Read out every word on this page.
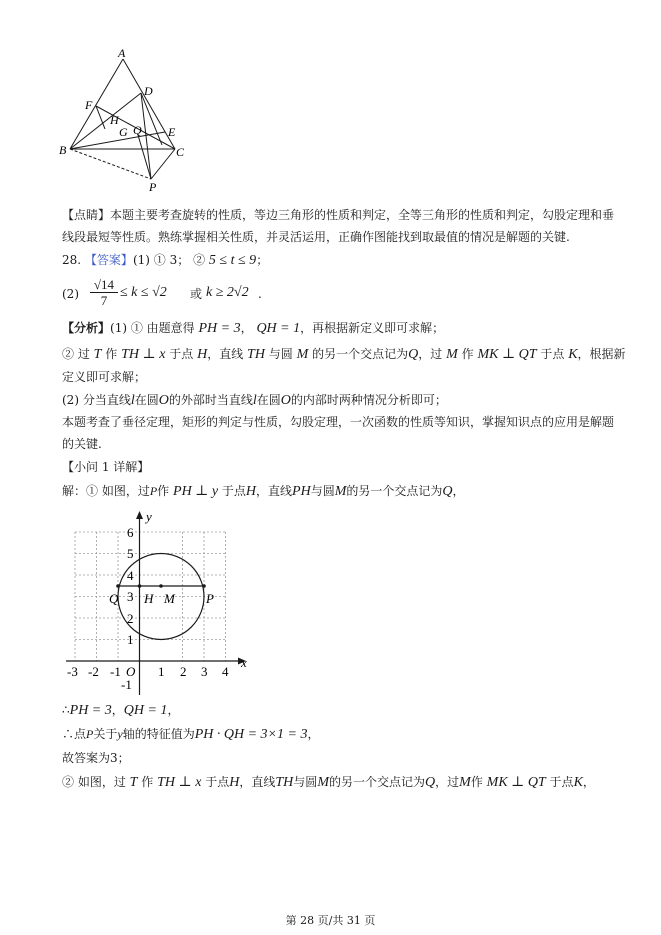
A
D
F
H
G Q E
B	C
P
【点睛】本题主要考查旋转的性质，等边三角形的性质和判定，全等三角形的性质和判定，勾股定理和垂
线段最短等性质。熟练掌握相关性质，并灵活运用，正确作图能找到取最值的情况是解题的关键.
28. 【答案】(1) ① 3； ② 5 ≤ t ≤ 9；
$(2) \frac{√14}{7} \le k \le √2$ 或 k ≥ 2√2 .
【分析】(1) ① 由题意得 PH = 3， QH = 1，再根据新定义即可求解；
② 过 T 作 TH ⊥ x 于点 H，直线 TH 与圆 M 的另一个交点记为Q，过 M 作 MK ⊥ QT 于点 K，根据新
定义即可求解；
(2) 分当直线l在圆O的外部时当直线l在圆O的内部时两种情况分析即可；
本题考查了垂径定理，矩形的判定与性质，勾股定理，一次函数的性质等知识，掌握知识点的应用是解题
的关键.
【小问 1 详解】
解：① 如图，过P作 PH ⊥ y 于点H，直线PH与圆M的另一个交点记为Q，
x
y
O
-3 -2 -1	1 2 3 4
6
5
4
3
2
1
-1
Q H M P
∴PH = 3，QH = 1，
∴点P关于y轴的特征值为PH · QH = 3×1 = 3，
故答案为3；
② 如图，过 T 作 TH ⊥ x 于点H，直线TH与圆M的另一个交点记为Q，过M作 MK ⊥ QT 于点K，
第 28 页/共 31 页
